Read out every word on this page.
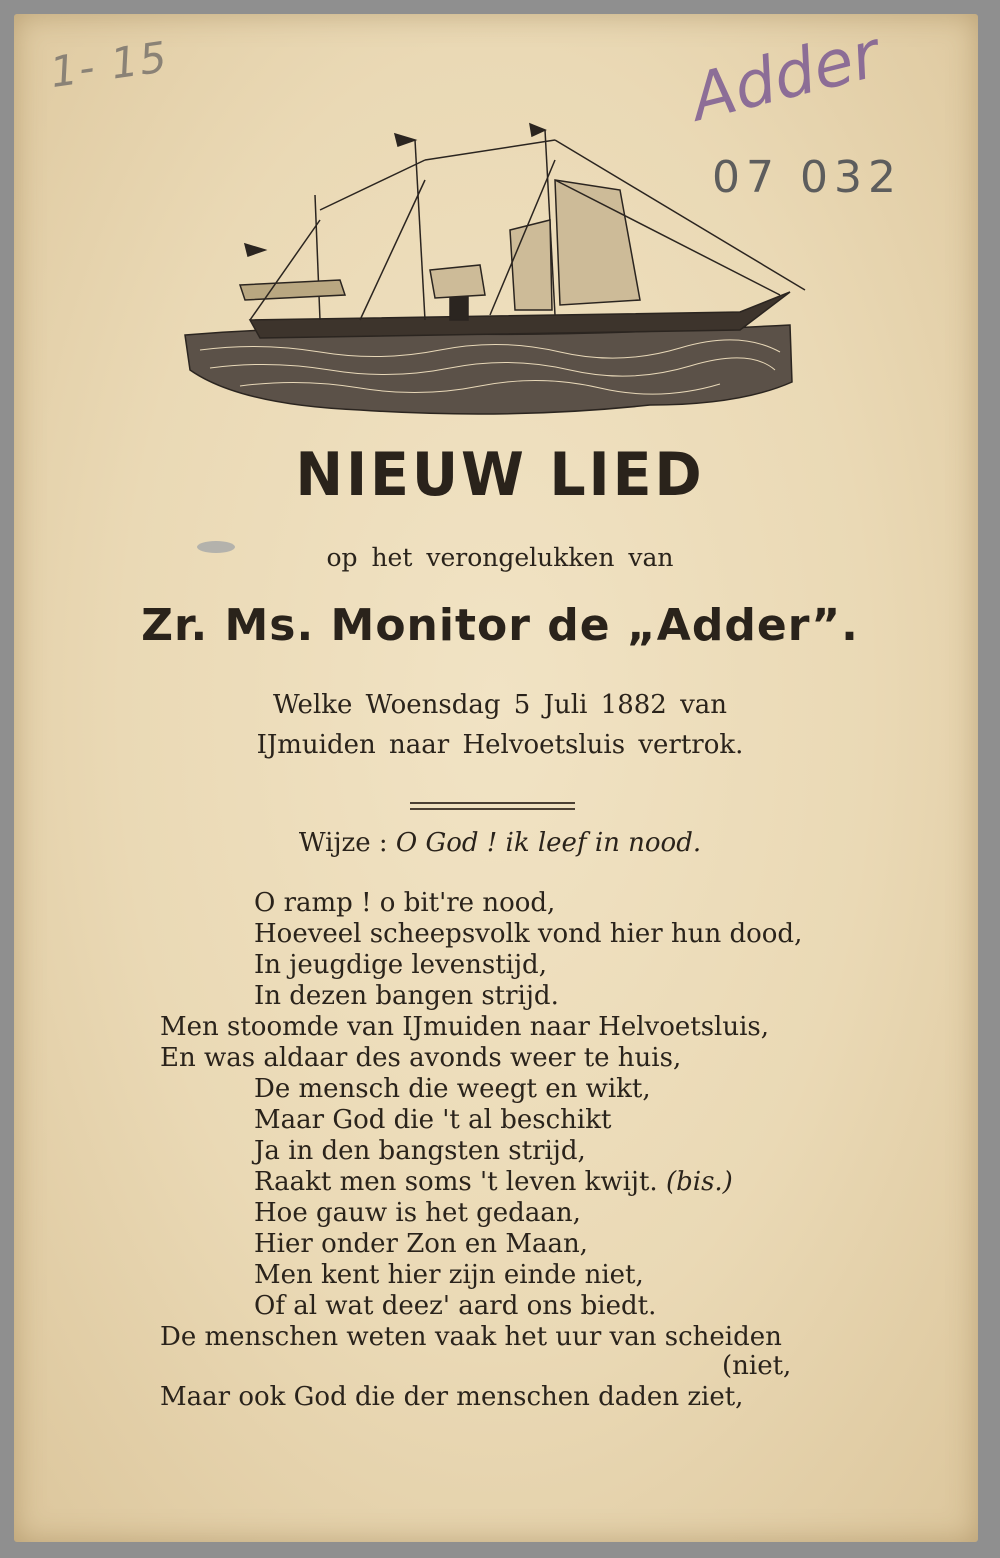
1- 15	Adder
07 032
NIEUW LIED
op het verongelukken van
Zr. Ms. Monitor de „Adder”.
Welke Woensdag 5 Juli 1882 van
IJmuiden naar Helvoetsluis vertrok.
Wijze : O God ! ik leef in nood.
O ramp ! o bit're nood,
Hoeveel scheepsvolk vond hier hun dood,
In jeugdige levenstijd,
In dezen bangen strijd.
Men stoomde van IJmuiden naar Helvoetsluis,
En was aldaar des avonds weer te huis,
De mensch die weegt en wikt,
Maar God die 't al beschikt
Ja in den bangsten strijd,
Raakt men soms 't leven kwijt. (bis.)
Hoe gauw is het gedaan,
Hier onder Zon en Maan,
Men kent hier zijn einde niet,
Of al wat deez' aard ons biedt.
De menschen weten vaak het uur van scheiden
(niet,
Maar ook God die der menschen daden ziet,
